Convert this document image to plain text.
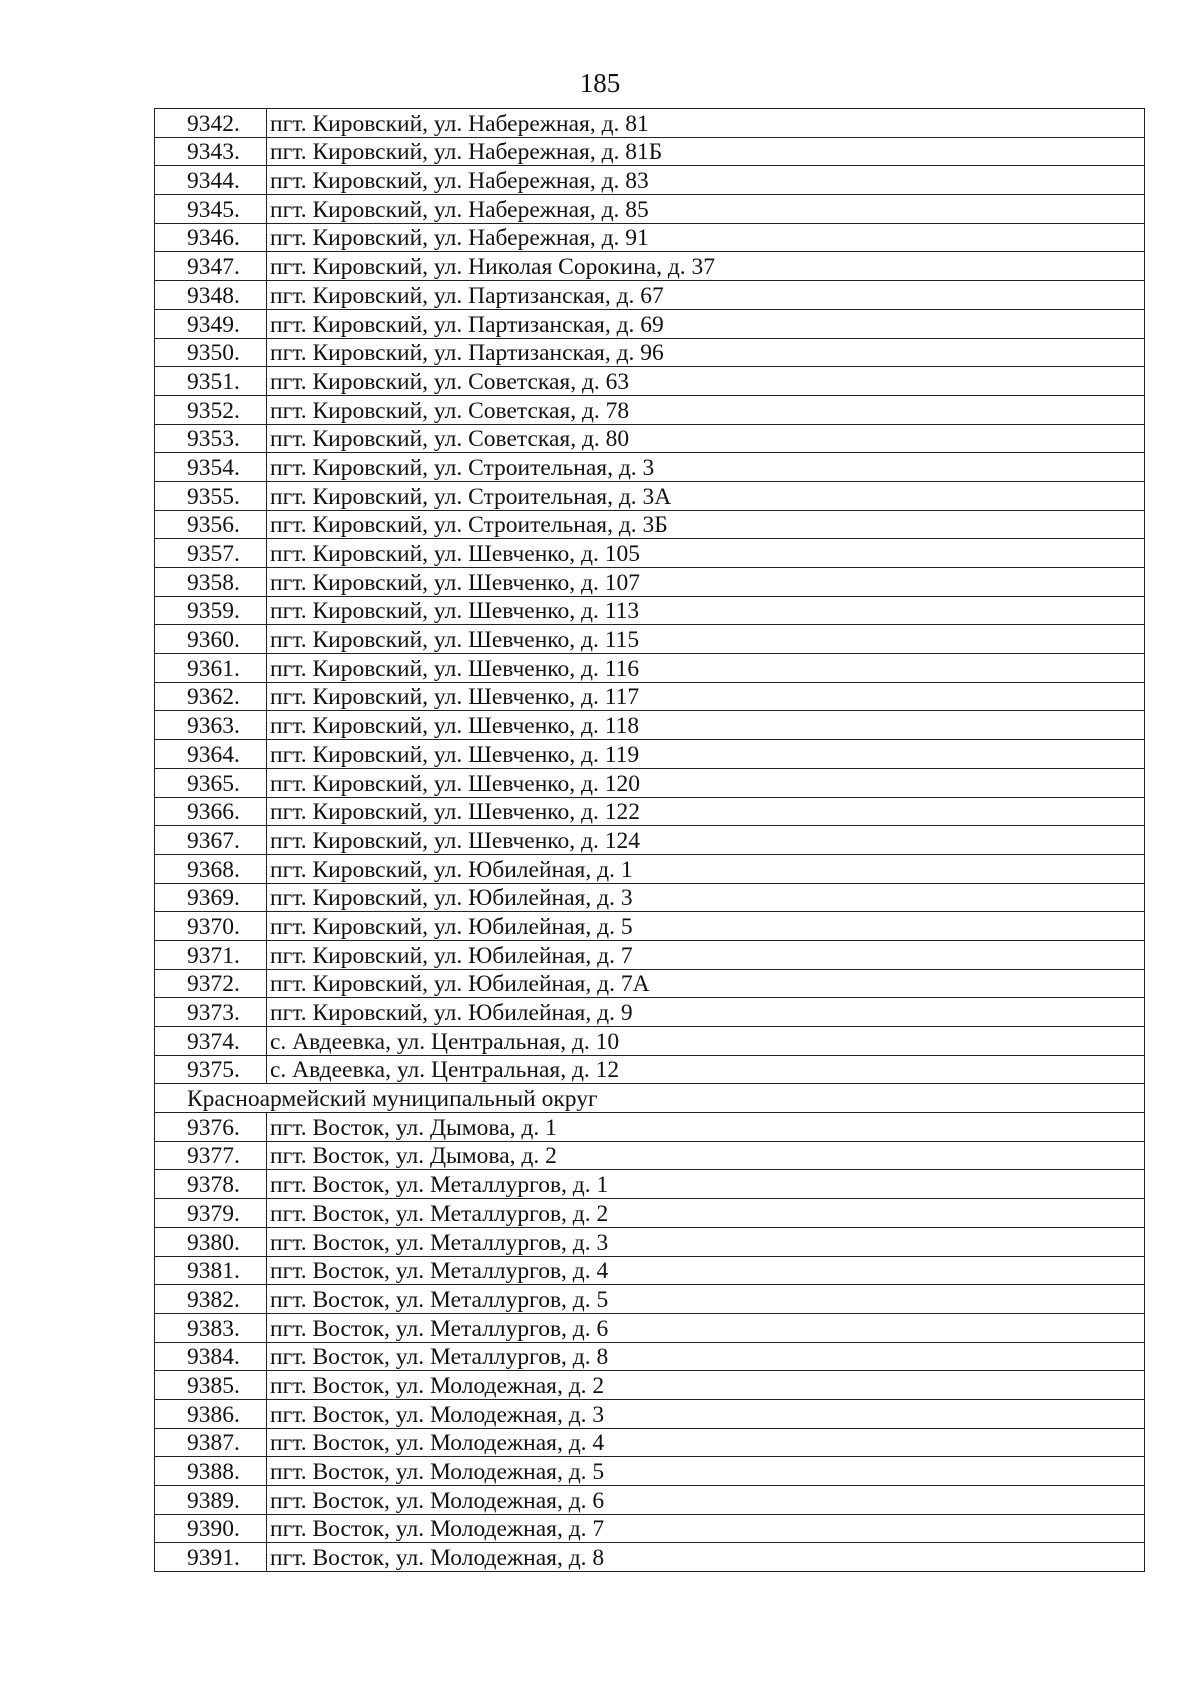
185
9342.	пгт. Кировский, ул. Набережная, д. 81
9343.	пгт. Кировский, ул. Набережная, д. 81Б
9344.	пгт. Кировский, ул. Набережная, д. 83
9345.	пгт. Кировский, ул. Набережная, д. 85
9346.	пгт. Кировский, ул. Набережная, д. 91
9347.	пгт. Кировский, ул. Николая Сорокина, д. 37
9348.	пгт. Кировский, ул. Партизанская, д. 67
9349.	пгт. Кировский, ул. Партизанская, д. 69
9350.	пгт. Кировский, ул. Партизанская, д. 96
9351.	пгт. Кировский, ул. Советская, д. 63
9352.	пгт. Кировский, ул. Советская, д. 78
9353.	пгт. Кировский, ул. Советская, д. 80
9354.	пгт. Кировский, ул. Строительная, д. 3
9355.	пгт. Кировский, ул. Строительная, д. 3А
9356.	пгт. Кировский, ул. Строительная, д. 3Б
9357.	пгт. Кировский, ул. Шевченко, д. 105
9358.	пгт. Кировский, ул. Шевченко, д. 107
9359.	пгт. Кировский, ул. Шевченко, д. 113
9360.	пгт. Кировский, ул. Шевченко, д. 115
9361.	пгт. Кировский, ул. Шевченко, д. 116
9362.	пгт. Кировский, ул. Шевченко, д. 117
9363.	пгт. Кировский, ул. Шевченко, д. 118
9364.	пгт. Кировский, ул. Шевченко, д. 119
9365.	пгт. Кировский, ул. Шевченко, д. 120
9366.	пгт. Кировский, ул. Шевченко, д. 122
9367.	пгт. Кировский, ул. Шевченко, д. 124
9368.	пгт. Кировский, ул. Юбилейная, д. 1
9369.	пгт. Кировский, ул. Юбилейная, д. 3
9370.	пгт. Кировский, ул. Юбилейная, д. 5
9371.	пгт. Кировский, ул. Юбилейная, д. 7
9372.	пгт. Кировский, ул. Юбилейная, д. 7А
9373.	пгт. Кировский, ул. Юбилейная, д. 9
9374.	с. Авдеевка, ул. Центральная, д. 10
9375.	с. Авдеевка, ул. Центральная, д. 12
Красноармейский муниципальный округ	
9376.	пгт. Восток, ул. Дымова, д. 1
9377.	пгт. Восток, ул. Дымова, д. 2
9378.	пгт. Восток, ул. Металлургов, д. 1
9379.	пгт. Восток, ул. Металлургов, д. 2
9380.	пгт. Восток, ул. Металлургов, д. 3
9381.	пгт. Восток, ул. Металлургов, д. 4
9382.	пгт. Восток, ул. Металлургов, д. 5
9383.	пгт. Восток, ул. Металлургов, д. 6
9384.	пгт. Восток, ул. Металлургов, д. 8
9385.	пгт. Восток, ул. Молодежная, д. 2
9386.	пгт. Восток, ул. Молодежная, д. 3
9387.	пгт. Восток, ул. Молодежная, д. 4
9388.	пгт. Восток, ул. Молодежная, д. 5
9389.	пгт. Восток, ул. Молодежная, д. 6
9390.	пгт. Восток, ул. Молодежная, д. 7
9391.	пгт. Восток, ул. Молодежная, д. 8
